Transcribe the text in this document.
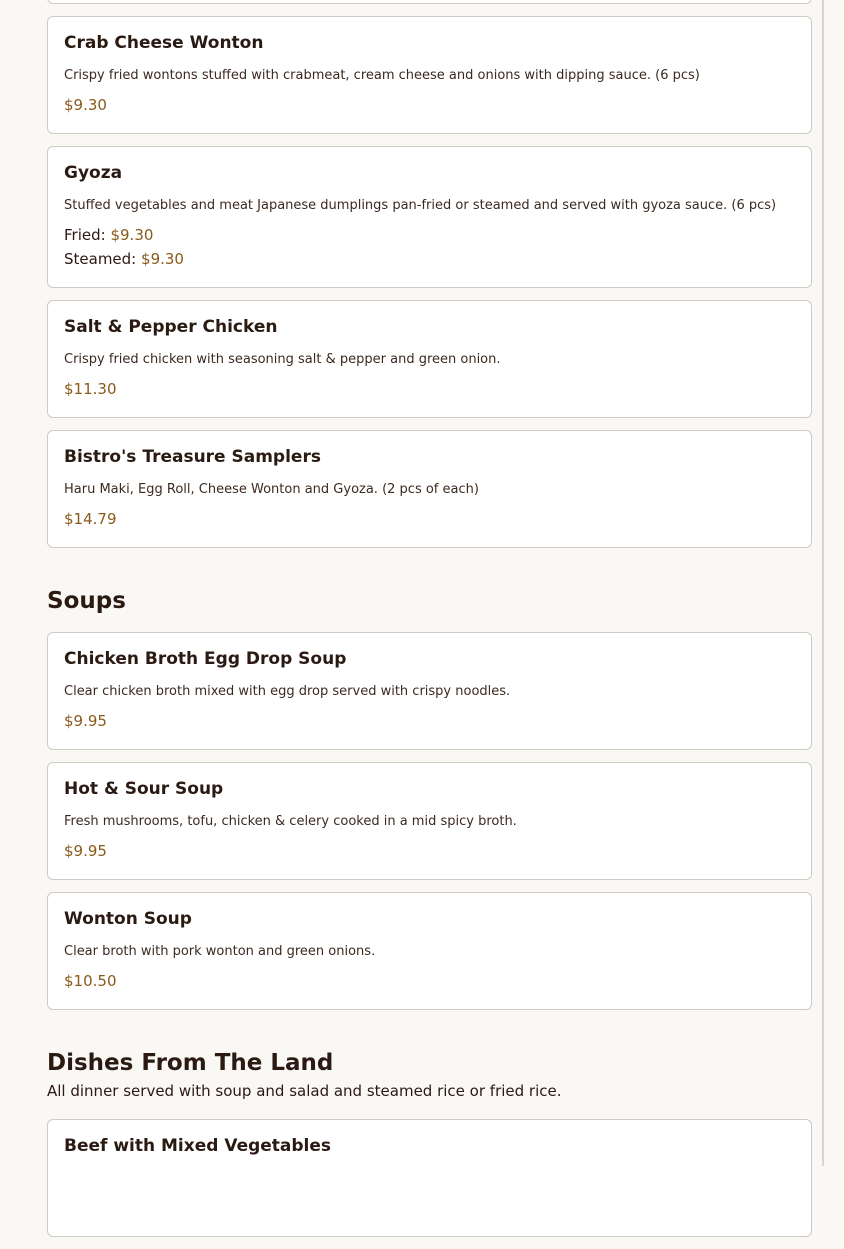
Crab Cheese Wonton

Crispy fried wontons stuffed with crabmeat, cream cheese and onions with dipping sauce. (6 pcs)

$9.30

Gyoza

Stuffed vegetables and meat Japanese dumplings pan-fried or steamed and served with gyoza sauce. (6 pcs)

Fried: $9.30

Steamed: $9.30

Salt & Pepper Chicken

Crispy fried chicken with seasoning salt & pepper and green onion.

$11.30

Bistro's Treasure Samplers

Haru Maki, Egg Roll, Cheese Wonton and Gyoza. (2 pcs of each)

$14.79

Soups

Chicken Broth Egg Drop Soup

Clear chicken broth mixed with egg drop served with crispy noodles.

$9.95

Hot & Sour Soup

Fresh mushrooms, tofu, chicken & celery cooked in a mid spicy broth.

$9.95

Wonton Soup

Clear broth with pork wonton and green onions.

$10.50

Dishes From The Land

All dinner served with soup and salad and steamed rice or fried rice.

Beef with Mixed Vegetables
